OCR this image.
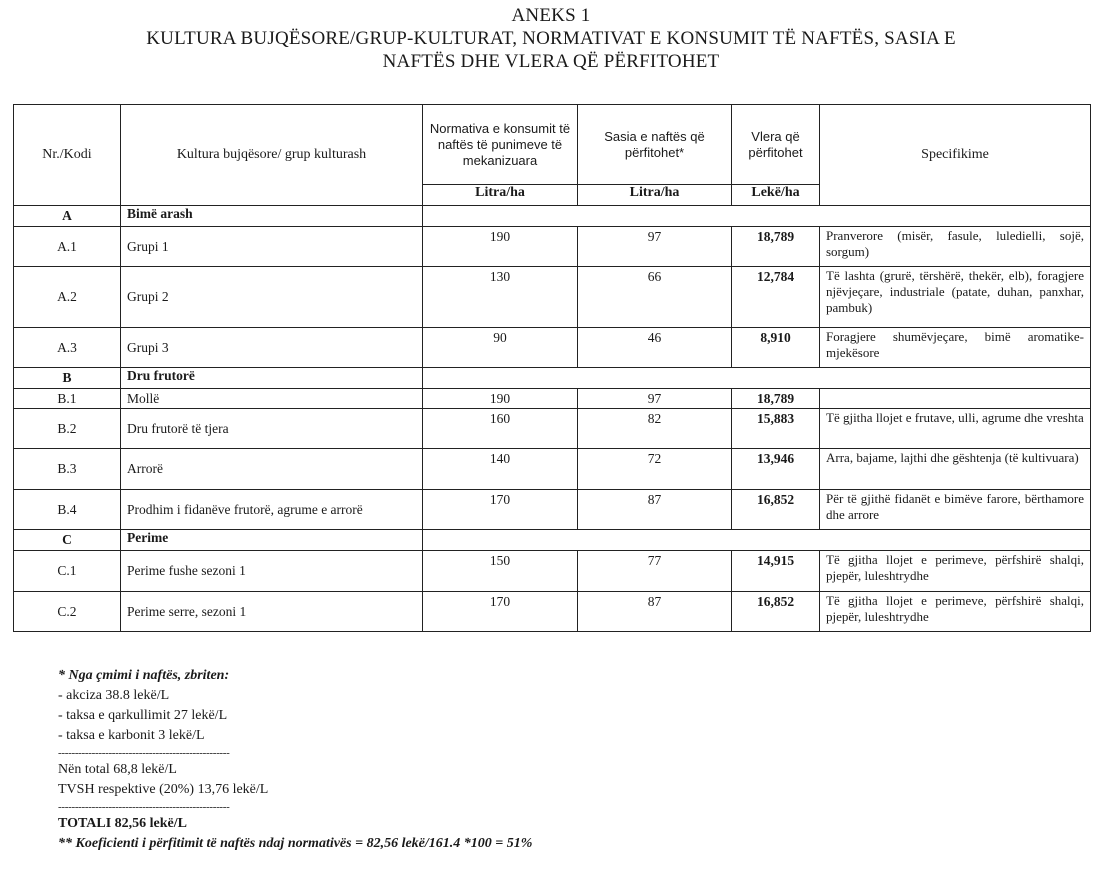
ANEKS 1
KULTURA BUJQËSORE/GRUP-KULTURAT, NORMATIVAT E KONSUMIT TË NAFTËS, SASIA E
NAFTËS DHE VLERA QË PËRFITOHET
Nr./Kodi	Kultura bujqësore/ grup kulturash	Normativa e konsumit të naftës të punimeve të mekanizuara	Sasia e naftës që përfitohet*	Vlera që përfitohet	Specifikime
		Litra/ha	Litra/ha	Lekë/ha	
A	Bimë arash				
A.1	Grupi 1	190	97	18,789	Pranverore (misër, fasule, luledielli, sojë, sorgum)
A.2	Grupi 2	130	66	12,784	Të lashta (grurë, tërshërë, thekër, elb), foragjere njëvjeçare, industriale (patate, duhan, panxhar, pambuk)
A.3	Grupi 3	90	46	8,910	Foragjere shumëvjeçare, bimë aromatike-mjekësore
B	Dru frutorë				
B.1	Mollë	190	97	18,789	
B.2	Dru frutorë të tjera	160	82	15,883	Të gjitha llojet e frutave, ulli, agrume dhe vreshta
B.3	Arrorë	140	72	13,946	Arra, bajame, lajthi dhe gështenja (të kultivuara)
B.4	Prodhim i fidanëve frutorë, agrume e arrorë	170	87	16,852	Për të gjithë fidanët e bimëve farore, bërthamore dhe arrore
C	Perime				
C.1	Perime fushe sezoni 1	150	77	14,915	Të gjitha llojet e perimeve, përfshirë shalqi, pjepër, luleshtrydhe
C.2	Perime serre, sezoni 1	170	87	16,852	Të gjitha llojet e perimeve, përfshirë shalqi, pjepër, luleshtrydhe
* Nga çmimi i naftës, zbriten:
- akciza 38.8 lekë/L
- taksa e qarkullimit 27 lekë/L
- taksa e karbonit 3 lekë/L
---------------------------------------------------
Nën total 68,8 lekë/L
TVSH respektive (20%) 13,76 lekë/L
---------------------------------------------------
TOTALI 82,56 lekë/L
** Koeficienti i përfitimit të naftës ndaj normativës = 82,56 lekë/161.4 *100 = 51%
